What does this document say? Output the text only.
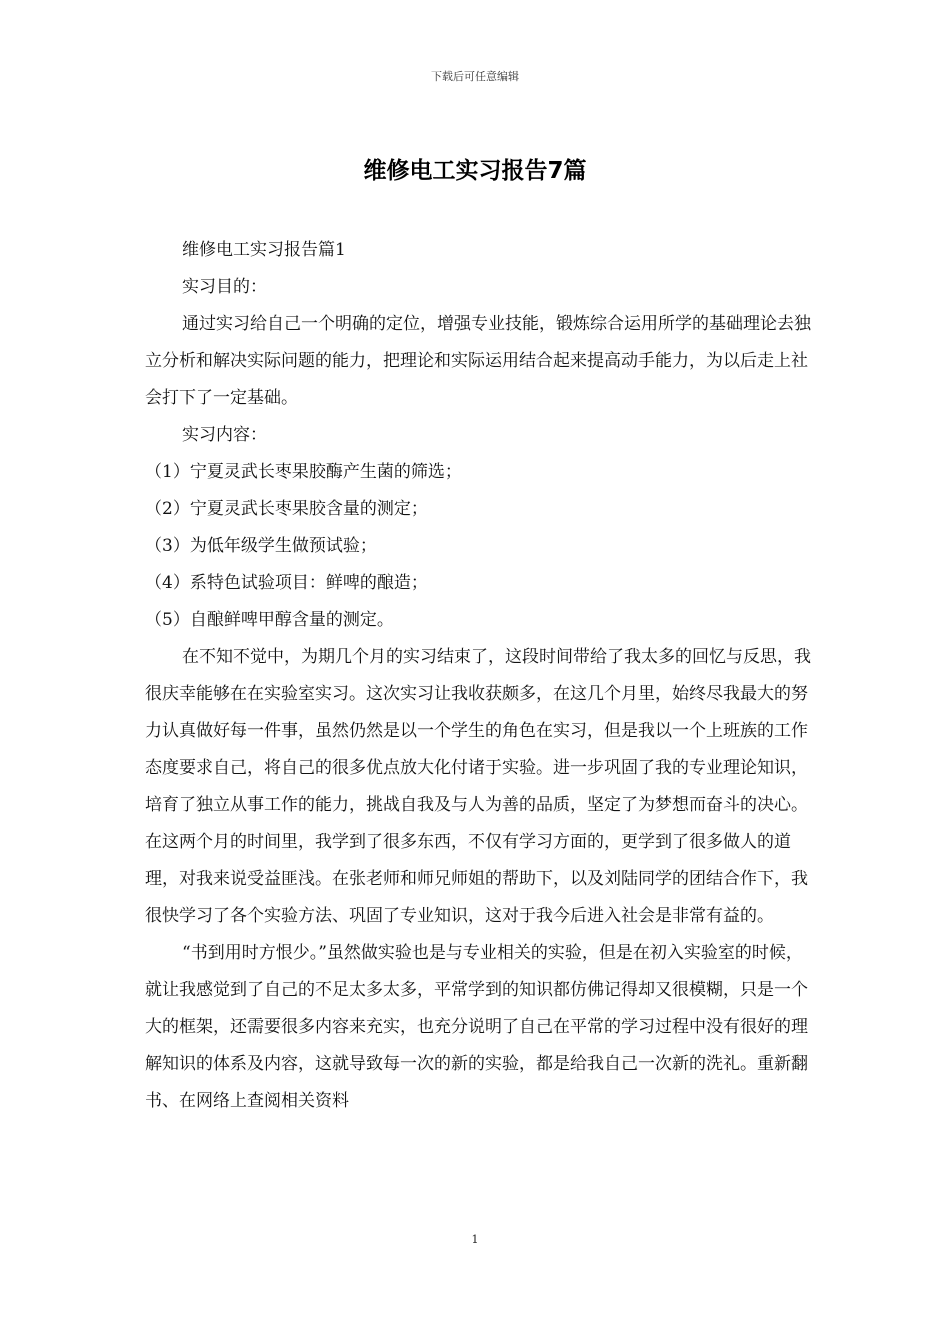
下载后可任意编辑
维修电工实习报告7篇

维修电工实习报告篇1

实习目的：

通过实习给自己一个明确的定位，增强专业技能，锻炼综合运用所学的基础理论去独立分析和解决实际问题的能力，把理论和实际运用结合起来提高动手能力，为以后走上社会打下了一定基础。

实习内容：

（1）宁夏灵武长枣果胶酶产生菌的筛选；

（2）宁夏灵武长枣果胶含量的测定；

（3）为低年级学生做预试验；

（4）系特色试验项目：鲜啤的酿造；

（5）自酿鲜啤甲醇含量的测定。

在不知不觉中，为期几个月的实习结束了，这段时间带给了我太多的回忆与反思，我很庆幸能够在在实验室实习。这次实习让我收获颇多，在这几个月里，始终尽我最大的努力认真做好每一件事，虽然仍然是以一个学生的角色在实习，但是我以一个上班族的工作态度要求自己，将自己的很多优点放大化付诸于实验。进一步巩固了我的专业理论知识，培育了独立从事工作的能力，挑战自我及与人为善的品质，坚定了为梦想而奋斗的决心。在这两个月的时间里，我学到了很多东西，不仅有学习方面的，更学到了很多做人的道理，对我来说受益匪浅。在张老师和师兄师姐的帮助下，以及刘陆同学的团结合作下，我很快学习了各个实验方法、巩固了专业知识，这对于我今后进入社会是非常有益的。

“书到用时方恨少。”虽然做实验也是与专业相关的实验，但是在初入实验室的时候，就让我感觉到了自己的不足太多太多，平常学到的知识都仿佛记得却又很模糊，只是一个大的框架，还需要很多内容来充实，也充分说明了自己在平常的学习过程中没有很好的理解知识的体系及内容，这就导致每一次的新的实验，都是给我自己一次新的洗礼。重新翻书、在网络上查阅相关资料

1
